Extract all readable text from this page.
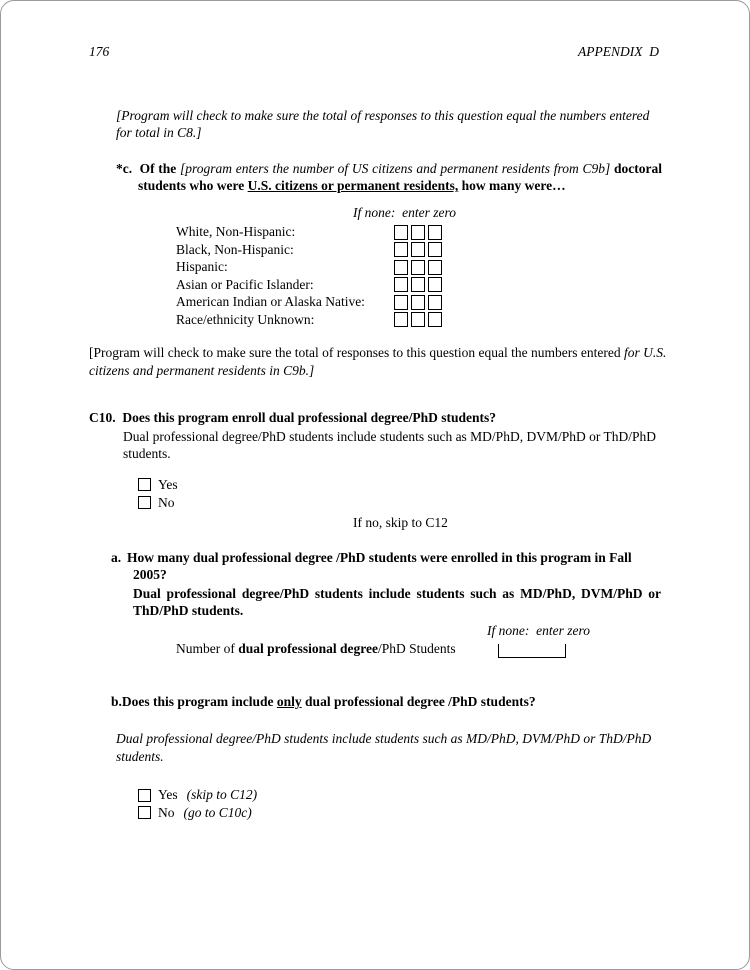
176	APPENDIX  D

[Program will check to make sure the total of responses to this question equal the numbers entered for total in C8.]

*c.  Of the [program enters the number of US citizens and permanent residents from C9b] doctoral students who were U.S. citizens or permanent residents, how many were…

If none:  enter zero
White, Non-Hispanic:
Black, Non-Hispanic:
Hispanic:
Asian or Pacific Islander:
American Indian or Alaska Native:
Race/ethnicity Unknown:

[Program will check to make sure the total of responses to this question equal the numbers entered for U.S. citizens and permanent residents in C9b.]

C10.  Does this program enroll dual professional degree/PhD students?
Dual professional degree/PhD students include students such as MD/PhD, DVM/PhD or ThD/PhD students.
Yes
No
If no, skip to C12

a. How many dual professional degree /PhD students were enrolled in this program in Fall 2005?

Dual professional degree/PhD students include students such as MD/PhD, DVM/PhD or ThD/PhD students.
If none:  enter zero
Number of dual professional degree/PhD Students

b.Does this program include only dual professional degree /PhD students?

Dual professional degree/PhD students include students such as MD/PhD, DVM/PhD or ThD/PhD students.
Yes (skip to C12)
No (go to C10c)
